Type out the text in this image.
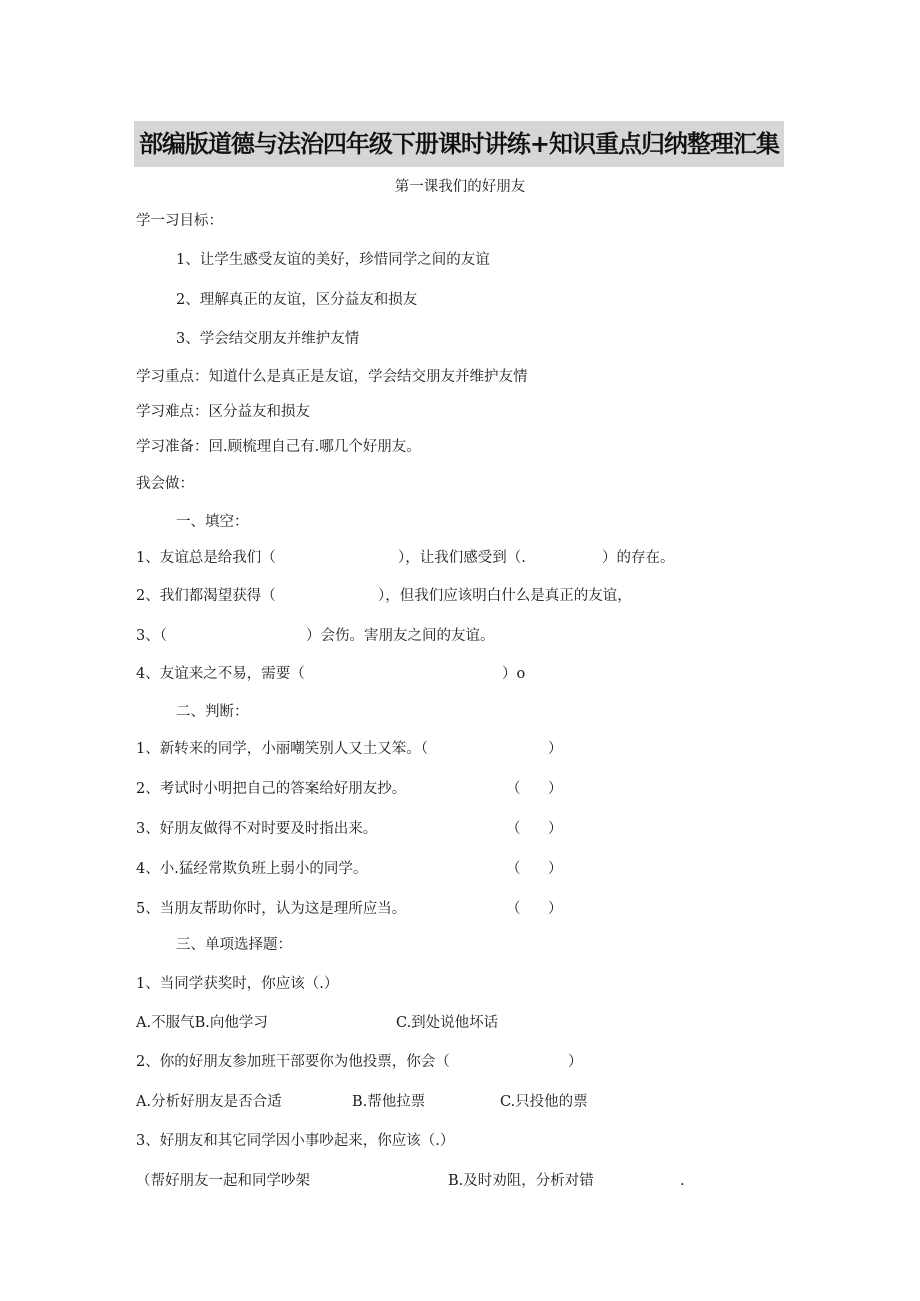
部编版道德与法治四年级下册课时讲练+知识重点归纳整理汇集
第一课我们的好朋友
学一习目标：
1、让学生感受友谊的美好，珍惜同学之间的友谊
2、理解真正的友谊，区分益友和损友
3、学会结交朋友并维护友情
学习重点：知道什么是真正是友谊，学会结交朋友并维护友情
学习难点：区分益友和损友
学习准备：回.顾梳理自己有.哪几个好朋友。
我会做：
一、填空：
1、友谊总是给我们（	），让我们感受到（.	）的存在。
2、我们都渴望获得（	），但我们应该明白什么是真正的友谊，
3、（	）会伤。害朋友之间的友谊。
4、友谊来之不易，需要（	）o
二、判断：
1、新转来的同学，小丽嘲笑别人又土又笨。（	）
2、考试时小明把自己的答案给好朋友抄。	（ ）
3、好朋友做得不对时要及时指出来。	（ ）
4、小.猛经常欺负班上弱小的同学。	（ ）
5、当朋友帮助你时，认为这是理所应当。	（ ）
三、单项选择题：
1、当同学获奖时，你应该（.）
A.不服气B.向他学习	C.到处说他坏话
2、你的好朋友参加班干部要你为他投票，你会（	）
A.分析好朋友是否合适	B.帮他拉票	C.只投他的票
3、好朋友和其它同学因小事吵起来，你应该（.）
（帮好朋友一起和同学吵架	B.及时劝阻，分析对错	.
